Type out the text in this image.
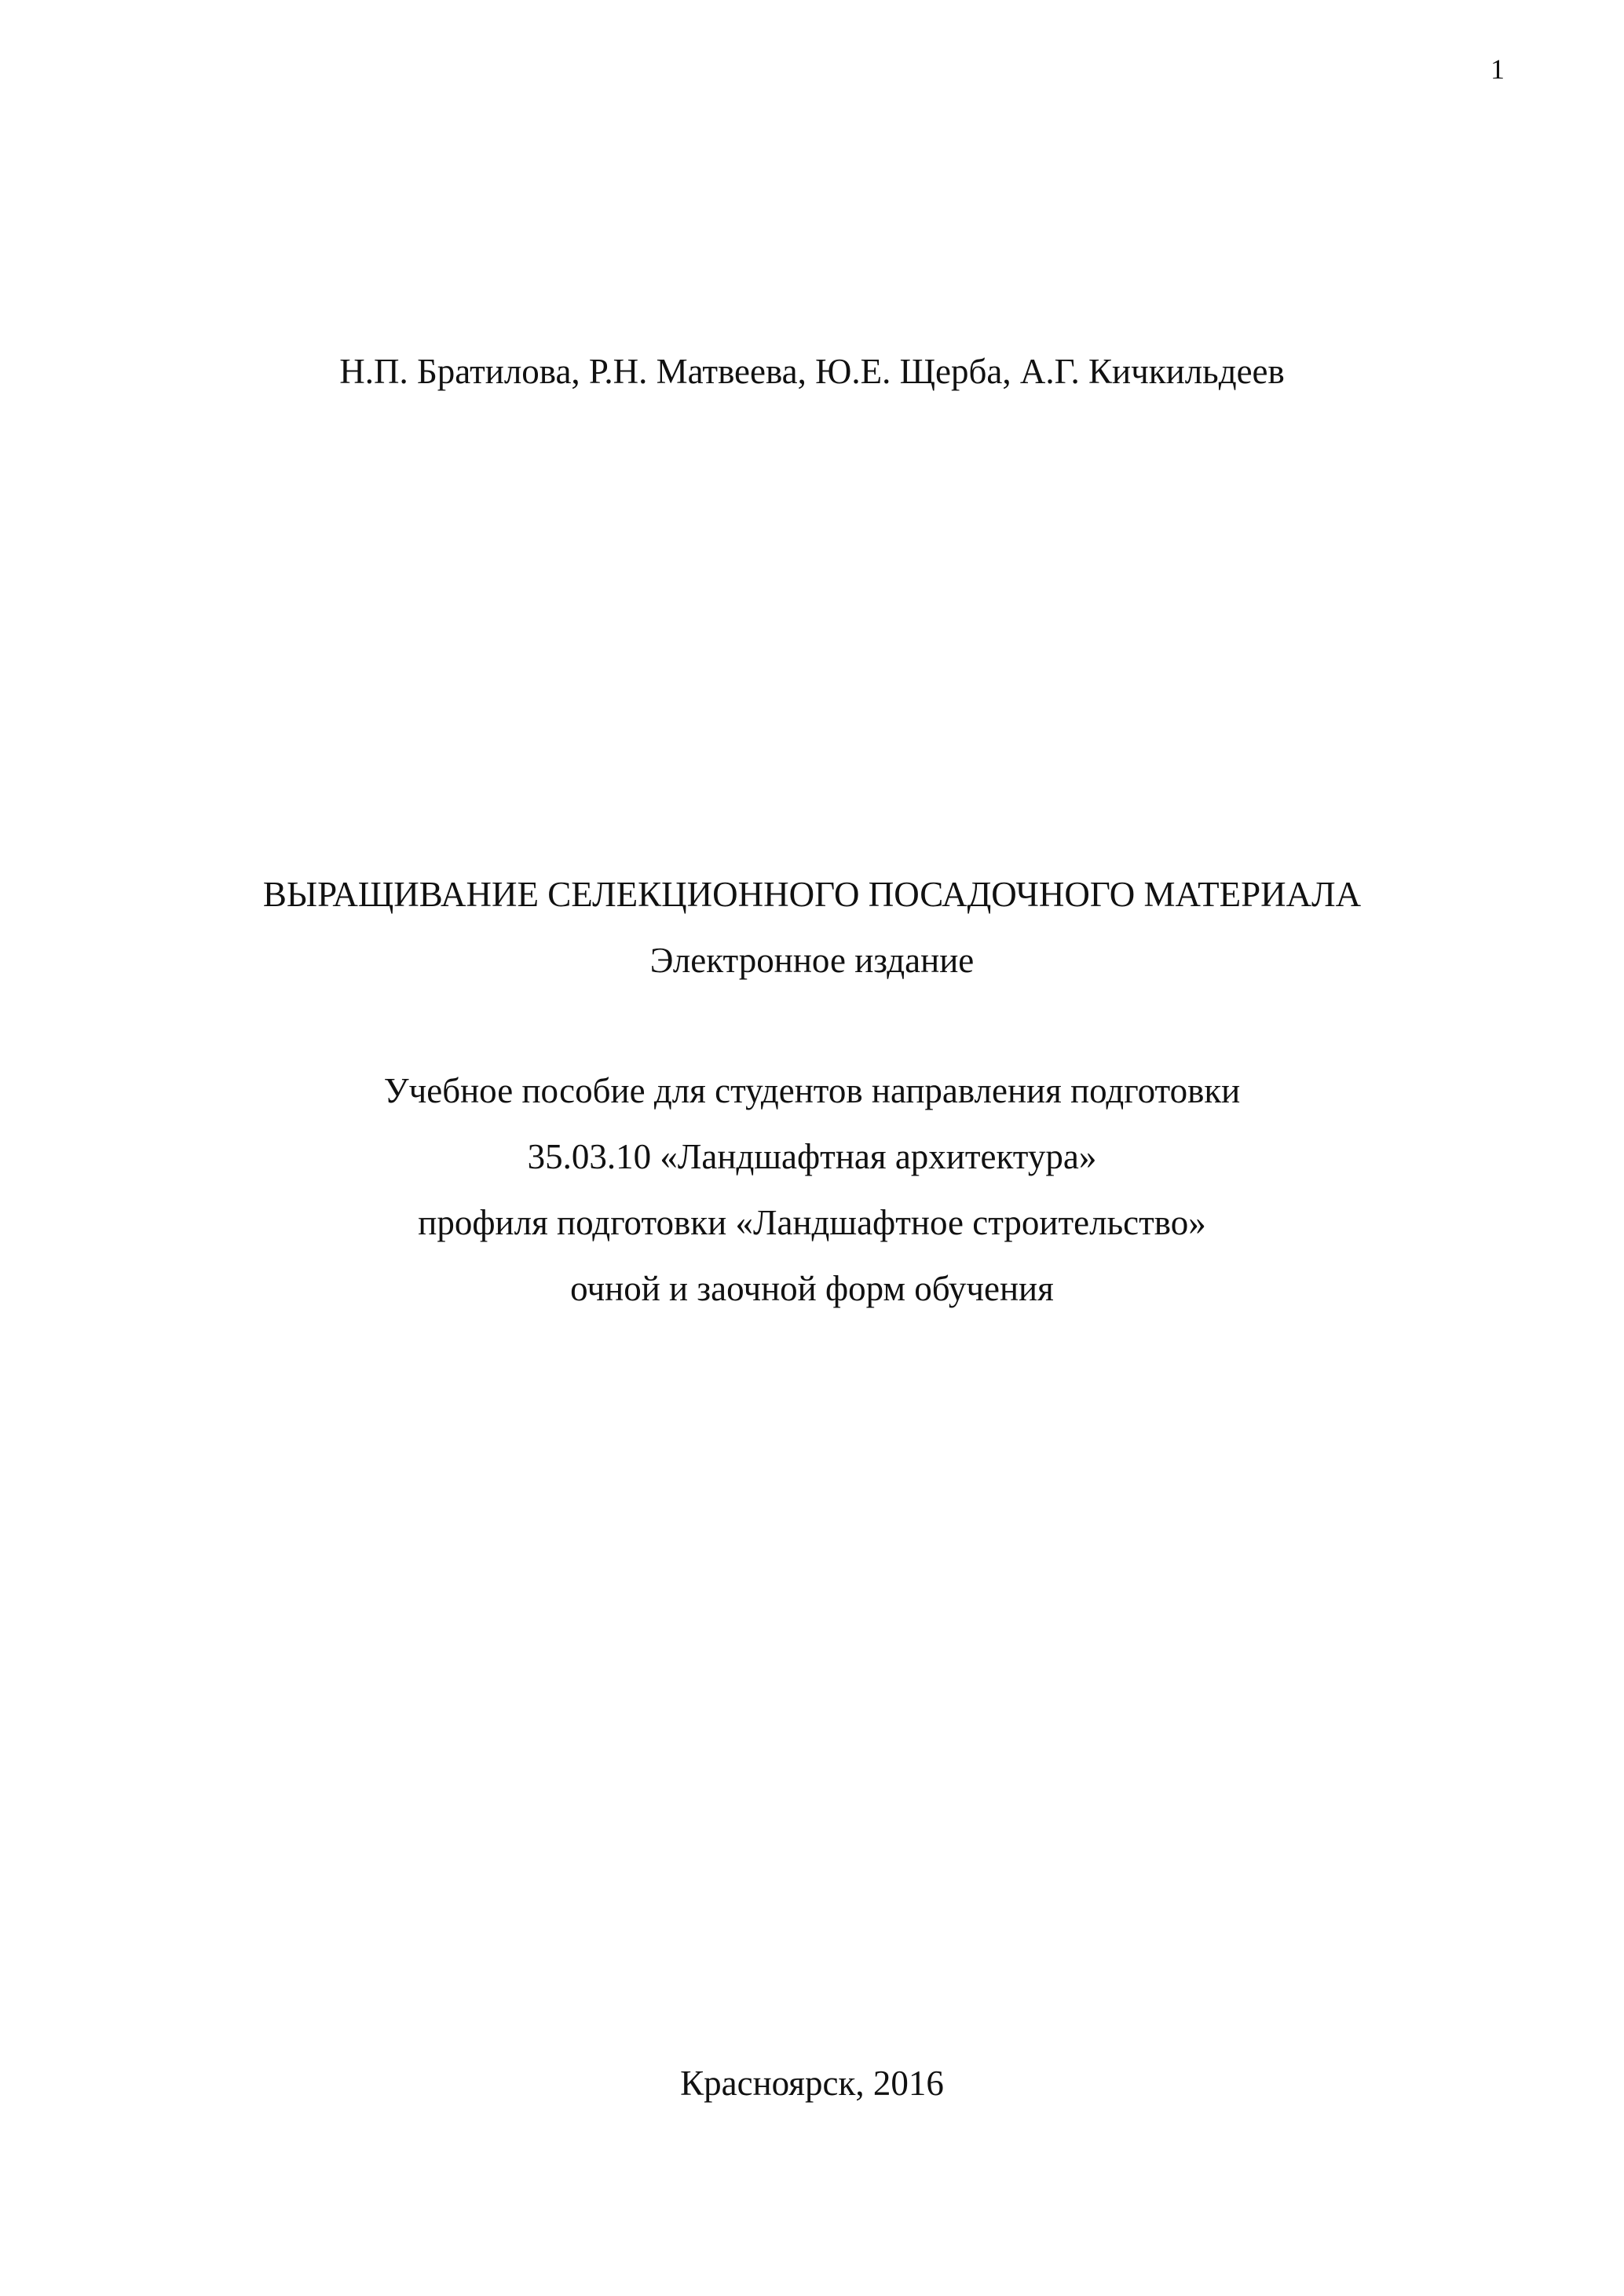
1
Н.П. Братилова, Р.Н. Матвеева, Ю.Е. Щерба, А.Г. Кичкильдеев
ВЫРАЩИВАНИЕ СЕЛЕКЦИОННОГО ПОСАДОЧНОГО МАТЕРИАЛА
Электронное издание
Учебное пособие для студентов направления подготовки
35.03.10 «Ландшафтная архитектура»
профиля подготовки «Ландшафтное строительство»
очной и заочной форм обучения
Красноярск, 2016
